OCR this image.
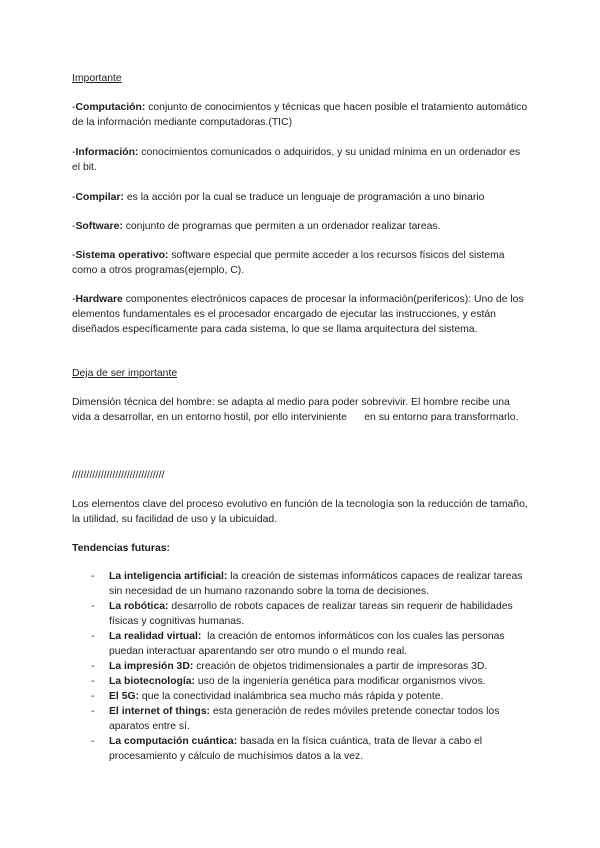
Importante

-Computación: conjunto de conocimientos y técnicas que hacen posible el tratamiento automático de la información mediante computadoras.(TIC)

-Información: conocimientos comunicados o adquiridos, y su unidad mínima en un ordenador es el bit.

-Compilar: es la acción por la cual se traduce un lenguaje de programación a uno binario

-Software: conjunto de programas que permiten a un ordenador realizar tareas.

-Sistema operativo: software especial que permite acceder a los recursos físicos del sistema como a otros programas(ejemplo, C).

-Hardware componentes electrónicos capaces de procesar la información(perifericos): Uno de los elementos fundamentales es el procesador encargado de ejecutar las instrucciones, y están diseñados específicamente para cada sistema, lo que se llama arquitectura del sistema.

Deja de ser importante

Dimensión técnica del hombre: se adapta al medio para poder sobrevivir. El hombre recibe una vida a desarrollar, en un entorno hostil, por ello interviniente      en su entorno para transformarlo.

////////////////////////////////

Los elementos clave del proceso evolutivo en función de la tecnología son la reducción de tamaño, la utilidad, su facilidad de uso y la ubicuidad.

Tendencias futuras:

- La inteligencia artificial: la creación de sistemas informáticos capaces de realizar tareas sin necesidad de un humano razonando sobre la toma de decisiones.
- La robótica: desarrollo de robots capaces de realizar tareas sin requerir de habilidades físicas y cognitivas humanas.
- La realidad virtual:  la creación de entornos informáticos con los cuales las personas puedan interactuar aparentando ser otro mundo o el mundo real.
- La impresión 3D: creación de objetos tridimensionales a partir de impresoras 3D.
- La biotecnología: uso de la ingeniería genética para modificar organismos vivos.
- El 5G: que la conectividad inalámbrica sea mucho más rápida y potente.
- El internet of things: esta generación de redes móviles pretende conectar todos los aparatos entre sí.
- La computación cuántica: basada en la física cuántica, trata de llevar a cabo el procesamiento y cálculo de muchísimos datos a la vez.
